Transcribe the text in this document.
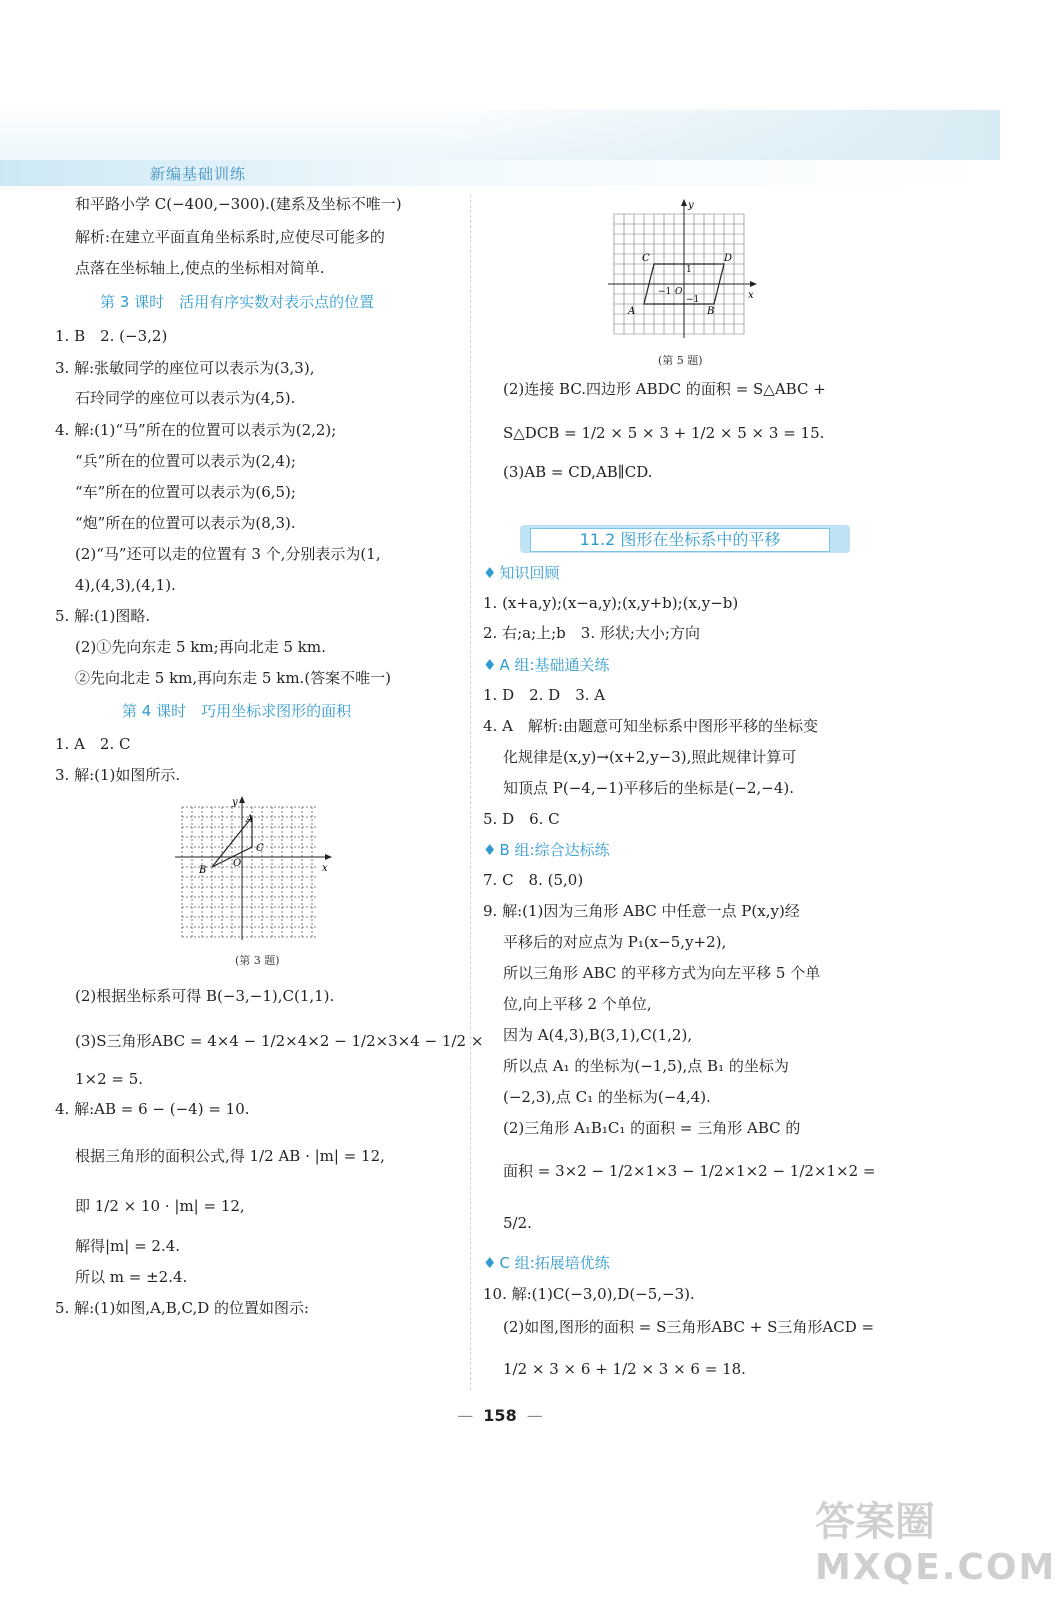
新编基础训练
和平路小学 C(−400,−300).(建系及坐标不唯一)
解析:在建立平面直角坐标系时,应使尽可能多的
点落在坐标轴上,使点的坐标相对简单.
第 3 课时　活用有序实数对表示点的位置
1. B　2. (−3,2)
3. 解:张敏同学的座位可以表示为(3,3),
石玲同学的座位可以表示为(4,5).
4. 解:(1)“马”所在的位置可以表示为(2,2);
“兵”所在的位置可以表示为(2,4);
“车”所在的位置可以表示为(6,5);
“炮”所在的位置可以表示为(8,3).
(2)“马”还可以走的位置有 3 个,分别表示为(1,
4),(4,3),(4,1).
5. 解:(1)图略.
(2)①先向东走 5 km;再向北走 5 km.
②先向北走 5 km,再向东走 5 km.(答案不唯一)
第 4 课时　巧用坐标求图形的面积
1. A　2. C
3. 解:(1)如图所示.
y
x
A
B
C
O
(第 3 题)
(2)根据坐标系可得 B(−3,−1),C(1,1).
(3)S三角形ABC = 4×4 − 1/2×4×2 − 1/2×3×4 − 1/2 ×
1×2 = 5.
4. 解:AB = 6 − (−4) = 10.
根据三角形的面积公式,得 1/2 AB · |m| = 12,
即 1/2 × 10 · |m| = 12,
解得|m| = 2.4.
所以 m = ±2.4.
5. 解:(1)如图,A,B,C,D 的位置如图示:
y
x
C	D
A	B
O
1
−1
−1
(第 5 题)
(2)连接 BC.四边形 ABDC 的面积 = S△ABC +
S△DCB = 1/2 × 5 × 3 + 1/2 × 5 × 3 = 15.
(3)AB = CD,AB∥CD.
11.2 图形在坐标系中的平移
♦ 知识回顾
1. (x+a,y);(x−a,y);(x,y+b);(x,y−b)
2. 右;a;上;b　3. 形状;大小;方向
♦ A 组:基础通关练
1. D　2. D　3. A
4. A　解析:由题意可知坐标系中图形平移的坐标变
化规律是(x,y)→(x+2,y−3),照此规律计算可
知顶点 P(−4,−1)平移后的坐标是(−2,−4).
5. D　6. C
♦ B 组:综合达标练
7. C　8. (5,0)
9. 解:(1)因为三角形 ABC 中任意一点 P(x,y)经
平移后的对应点为 P₁(x−5,y+2),
所以三角形 ABC 的平移方式为向左平移 5 个单
位,向上平移 2 个单位,
因为 A(4,3),B(3,1),C(1,2),
所以点 A₁ 的坐标为(−1,5),点 B₁ 的坐标为
(−2,3),点 C₁ 的坐标为(−4,4).
(2)三角形 A₁B₁C₁ 的面积 = 三角形 ABC 的
面积 = 3×2 − 1/2×1×3 − 1/2×1×2 − 1/2×1×2 =
5/2.
♦ C 组:拓展培优练
10. 解:(1)C(−3,0),D(−5,−3).
(2)如图,图形的面积 = S三角形ABC + S三角形ACD =
1/2 × 3 × 6 + 1/2 × 3 × 6 = 18.
— 158 —
答案圈
MXQE.COM
